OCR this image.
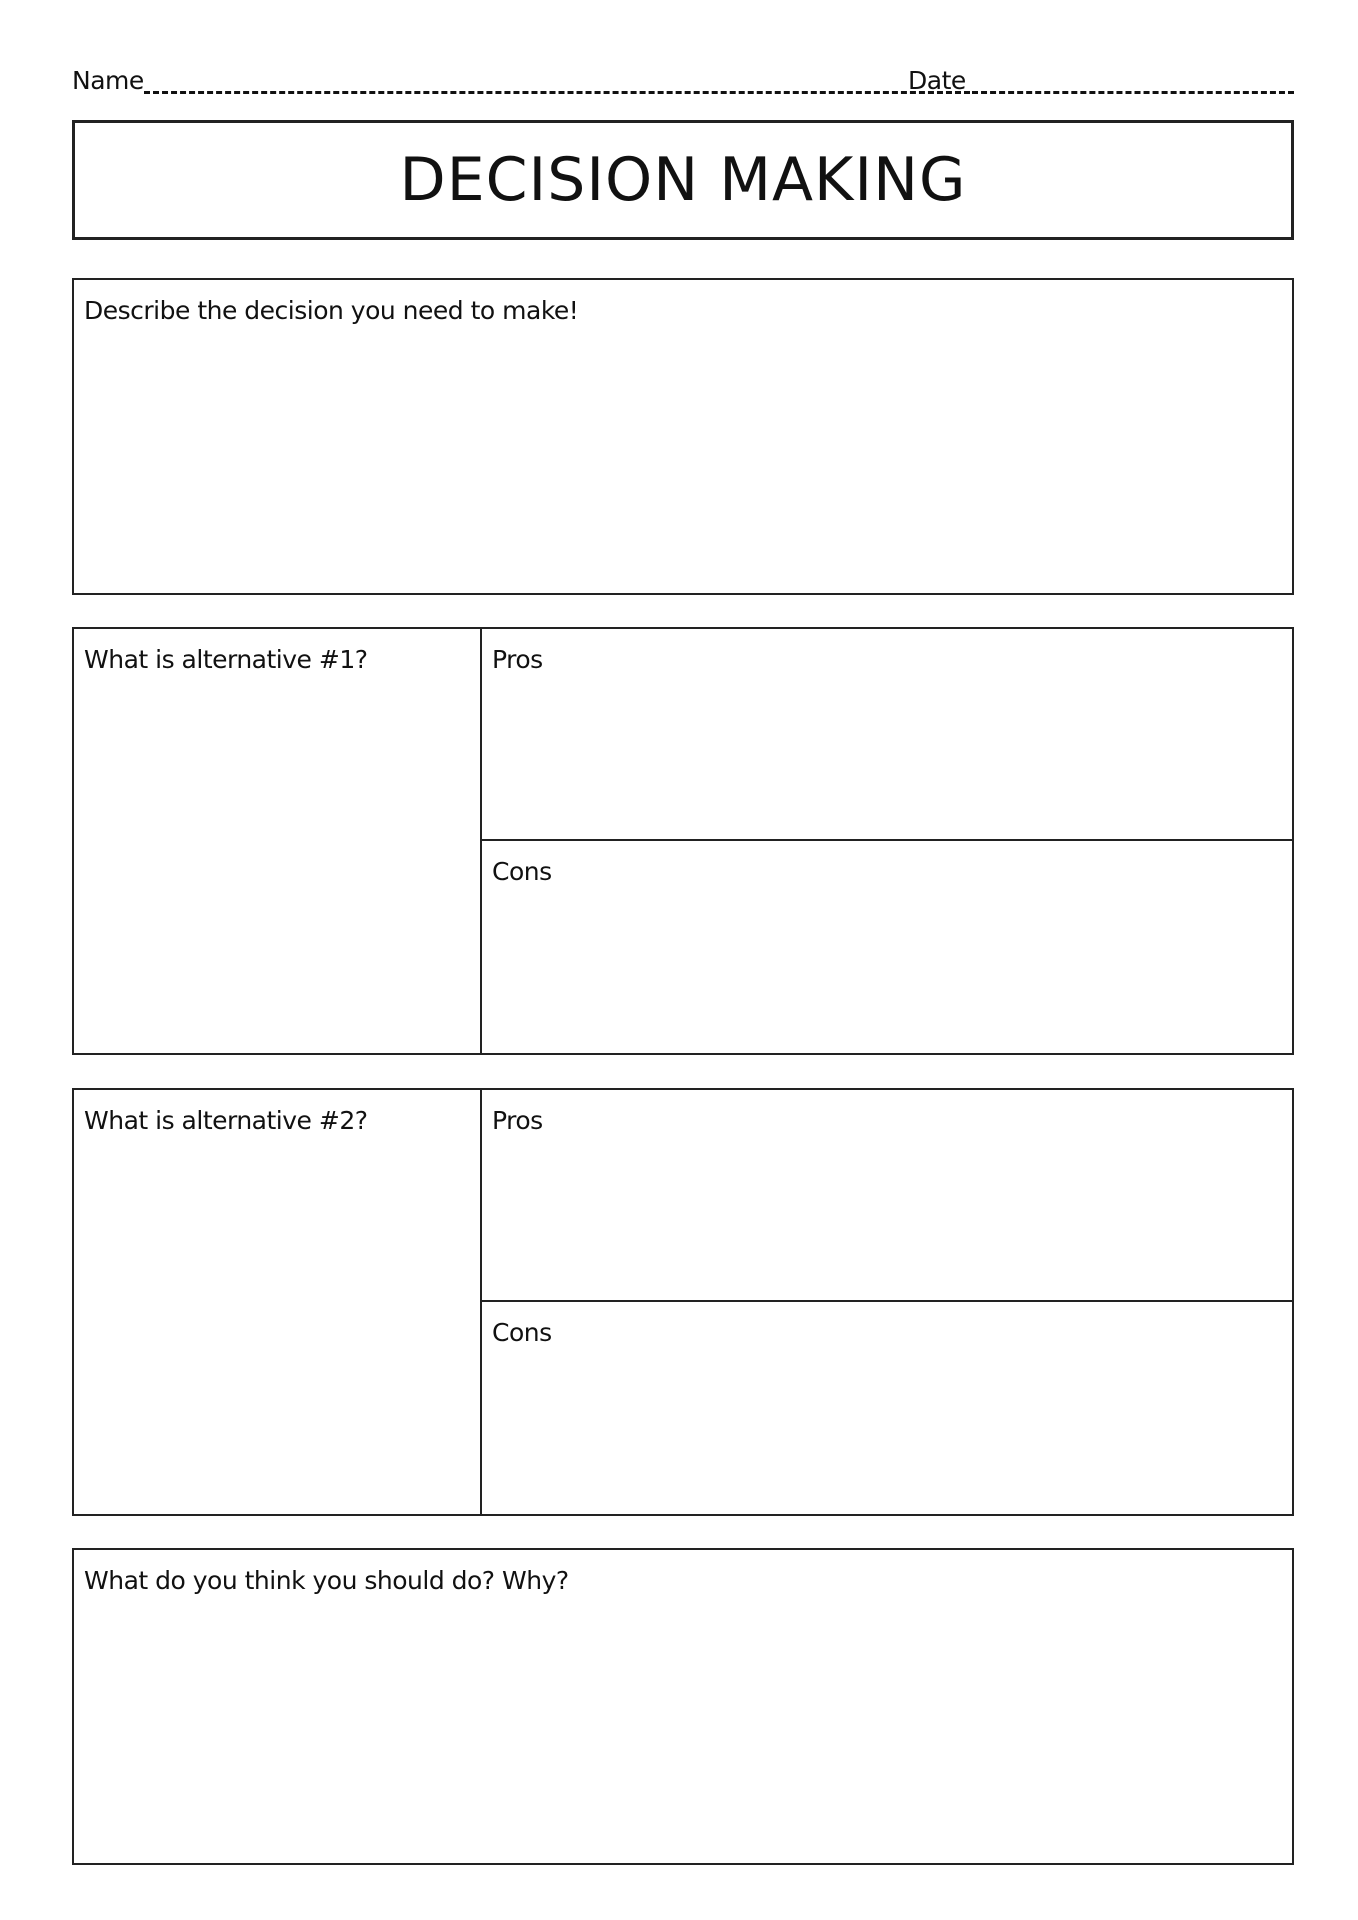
Name	Date
DECISION MAKING
Describe the decision you need to make!
What is alternative #1?	Pros
Cons
What is alternative #2?	Pros
Cons
What do you think you should do? Why?
